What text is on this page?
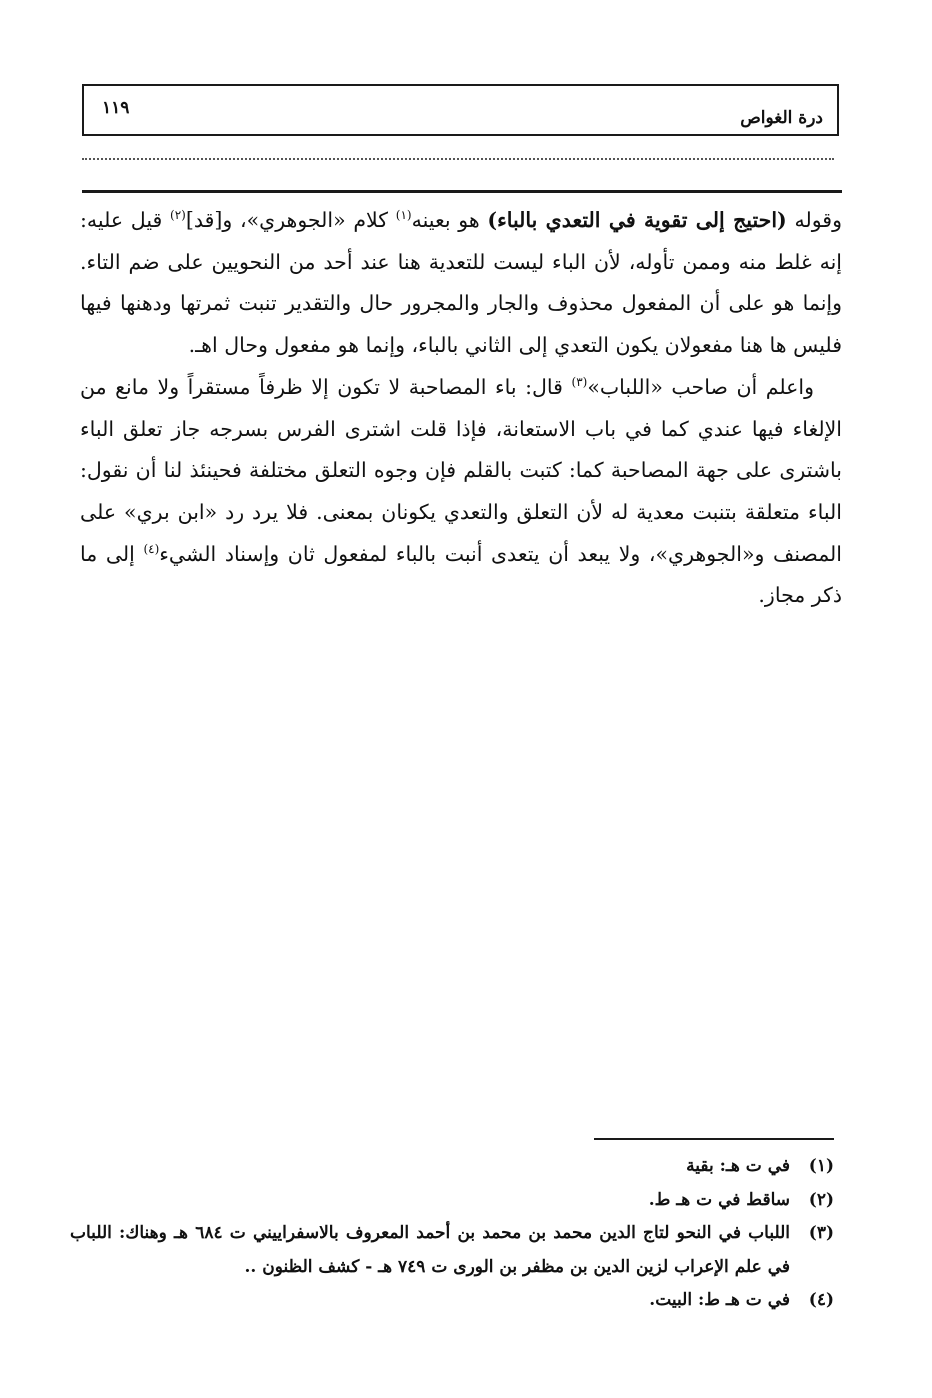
درة الغواص
١١٩

وقوله (احتيج إلى تقوية في التعدي بالباء) هو بعينه$^{(١)}$ كلام «الجوهري»، و[قد]$^{(٢)}$ قيل عليه: إنه غلط منه وممن تأوله، لأن الباء ليست للتعدية هنا عند أحد من النحويين على ضم التاء. وإنما هو على أن المفعول محذوف والجار والمجرور حال والتقدير تنبت ثمرتها ودهنها فيها فليس ها هنا مفعولان يكون التعدي إلى الثاني بالباء، وإنما هو مفعول وحال اهـ.

واعلم أن صاحب «اللباب»$^{(٣)}$ قال: باء المصاحبة لا تكون إلا ظرفاً مستقراً ولا مانع من الإلغاء فيها عندي كما في باب الاستعانة، فإذا قلت اشترى الفرس بسرجه جاز تعلق الباء باشترى على جهة المصاحبة كما: كتبت بالقلم فإن وجوه التعلق مختلفة فحينئذ لنا أن نقول: الباء متعلقة بتنبت معدية له لأن التعلق والتعدي يكونان بمعنى. فلا يرد رد «ابن بري» على المصنف و«الجوهري»، ولا يبعد أن يتعدى أنبت بالباء لمفعول ثان وإسناد الشيء$^{(٤)}$ إلى ما ذكر مجاز.

(١)
في ت هـ: بقية
(٢)
ساقط في ت هـ ط.
(٣)
اللباب في النحو لتاج الدين محمد بن محمد بن أحمد المعروف بالاسفراييني ت ٦٨٤ هـ وهناك: اللباب في علم الإعراب لزين الدين بن مظفر بن الورى ت ٧٤٩ هـ - كشف الظنون ..
(٤)
في ت هـ ط: البيت.
